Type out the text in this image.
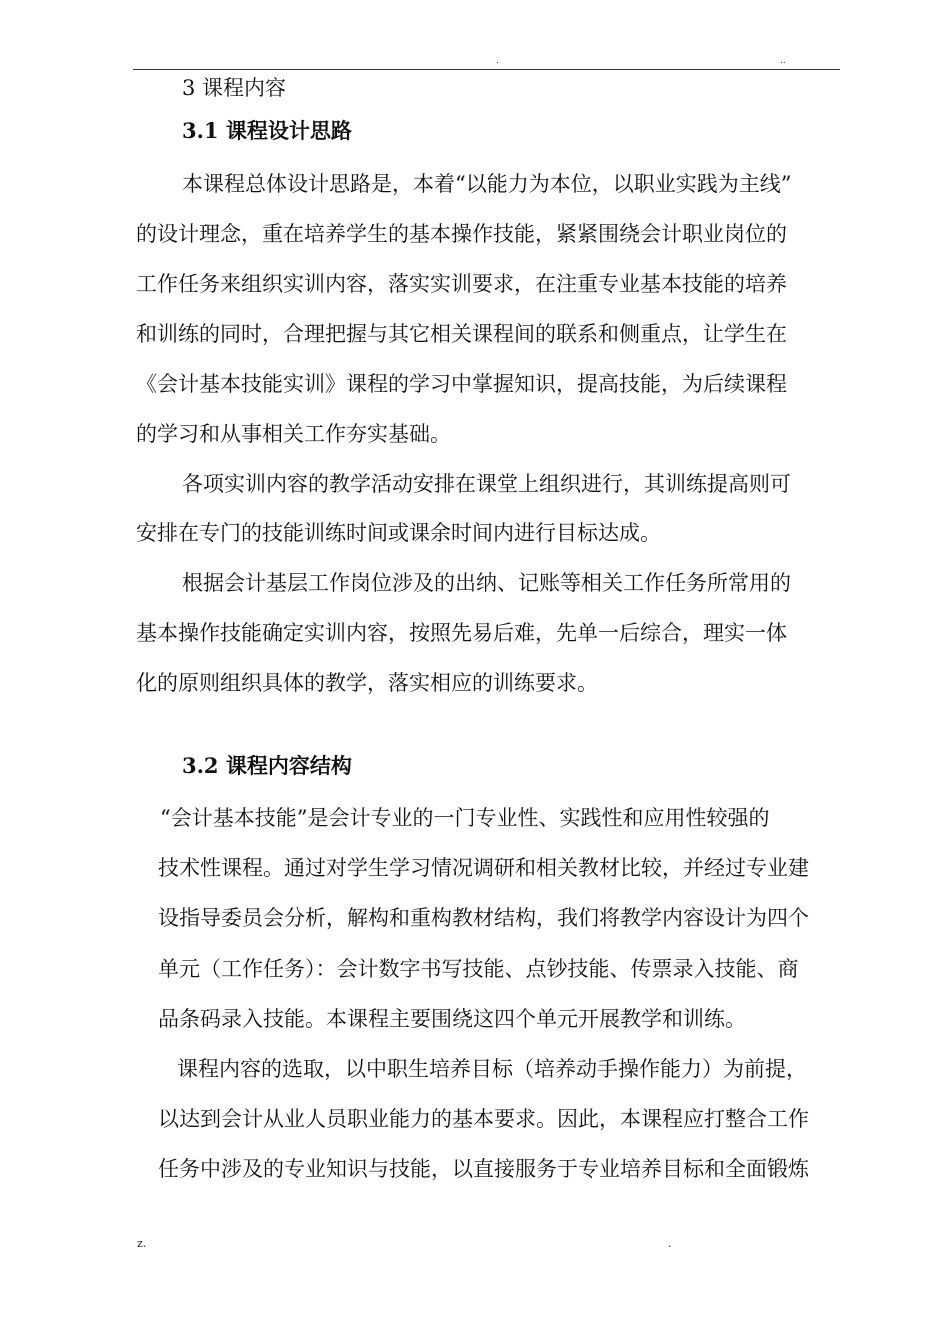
.	..
3 课程内容
3.1 课程设计思路
本课程总体设计思路是，本着“以能力为本位，以职业实践为主线”
的设计理念，重在培养学生的基本操作技能，紧紧围绕会计职业岗位的
工作任务来组织实训内容，落实实训要求，在注重专业基本技能的培养
和训练的同时，合理把握与其它相关课程间的联系和侧重点，让学生在
《会计基本技能实训》课程的学习中掌握知识，提高技能，为后续课程
的学习和从事相关工作夯实基础。
各项实训内容的教学活动安排在课堂上组织进行，其训练提高则可
安排在专门的技能训练时间或课余时间内进行目标达成。
根据会计基层工作岗位涉及的出纳、记账等相关工作任务所常用的
基本操作技能确定实训内容，按照先易后难，先单一后综合，理实一体
化的原则组织具体的教学，落实相应的训练要求。
3.2 课程内容结构
“会计基本技能”是会计专业的一门专业性、实践性和应用性较强的
技术性课程。通过对学生学习情况调研和相关教材比较，并经过专业建
设指导委员会分析，解构和重构教材结构，我们将教学内容设计为四个
单元（工作任务）：会计数字书写技能、点钞技能、传票录入技能、商
品条码录入技能。本课程主要围绕这四个单元开展教学和训练。
课程内容的选取，以中职生培养目标（培养动手操作能力）为前提，
以达到会计从业人员职业能力的基本要求。因此，本课程应打整合工作
任务中涉及的专业知识与技能，以直接服务于专业培养目标和全面锻炼
z.	.
